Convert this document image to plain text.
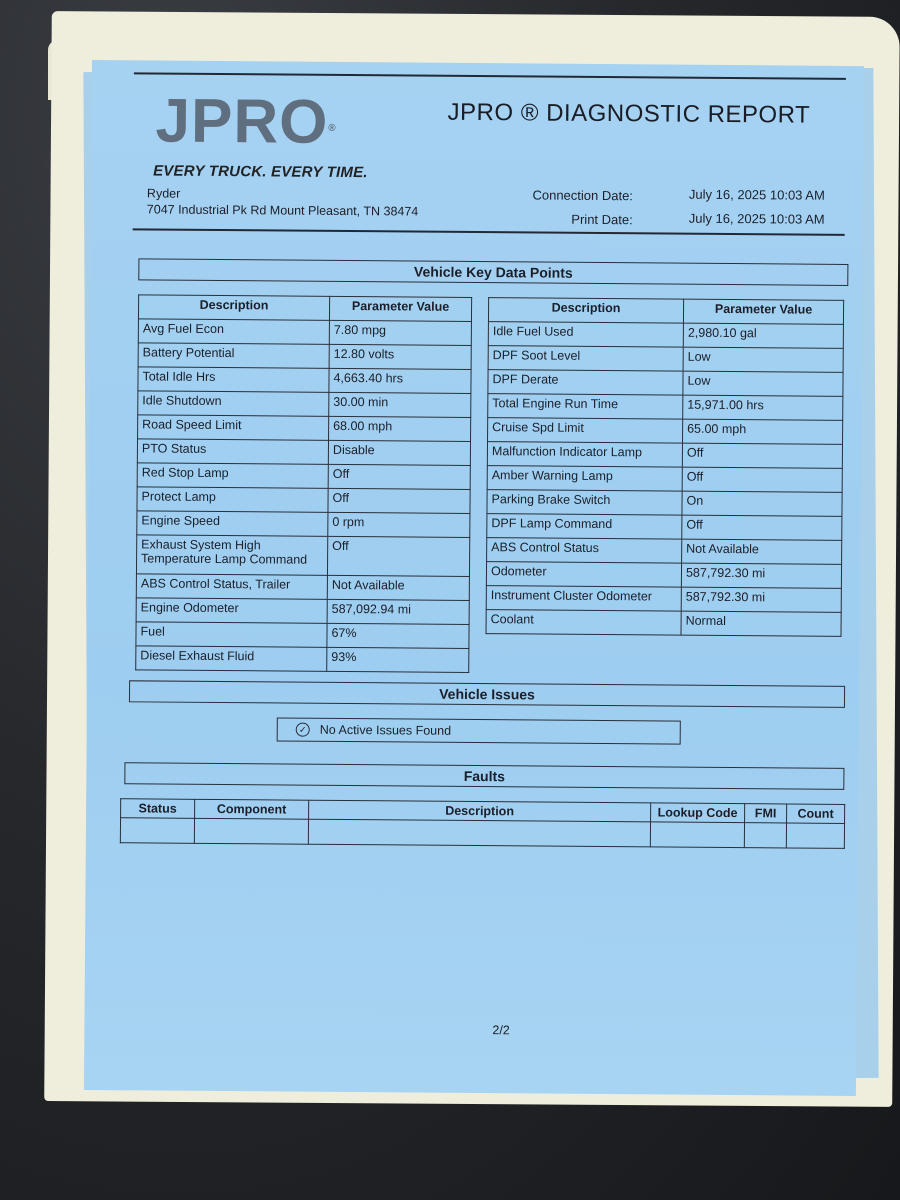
JPRO®
EVERY TRUCK. EVERY TIME.
JPRO ® DIAGNOSTIC REPORT
Ryder
7047 Industrial Pk Rd Mount Pleasant, TN 38474
Connection Date:	July 16, 2025 10:03 AM
Print Date:	July 16, 2025 10:03 AM
Vehicle Key Data Points
Description	Parameter Value
Avg Fuel Econ	7.80 mpg
Battery Potential	12.80 volts
Total Idle Hrs	4,663.40 hrs
Idle Shutdown	30.00 min
Road Speed Limit	68.00 mph
PTO Status	Disable
Red Stop Lamp	Off
Protect Lamp	Off
Engine Speed	0 rpm
Exhaust System High Temperature Lamp Command	Off
ABS Control Status, Trailer	Not Available
Engine Odometer	587,092.94 mi
Fuel	67%
Diesel Exhaust Fluid	93%
Description	Parameter Value
Idle Fuel Used	2,980.10 gal
DPF Soot Level	Low
DPF Derate	Low
Total Engine Run Time	15,971.00 hrs
Cruise Spd Limit	65.00 mph
Malfunction Indicator Lamp	Off
Amber Warning Lamp	Off
Parking Brake Switch	On
DPF Lamp Command	Off
ABS Control Status	Not Available
Odometer	587,792.30 mi
Instrument Cluster Odometer	587,792.30 mi
Coolant	Normal
Vehicle Issues
✓ No Active Issues Found
Faults
Status	Component	Description	Lookup Code	FMI	Count

2/2
